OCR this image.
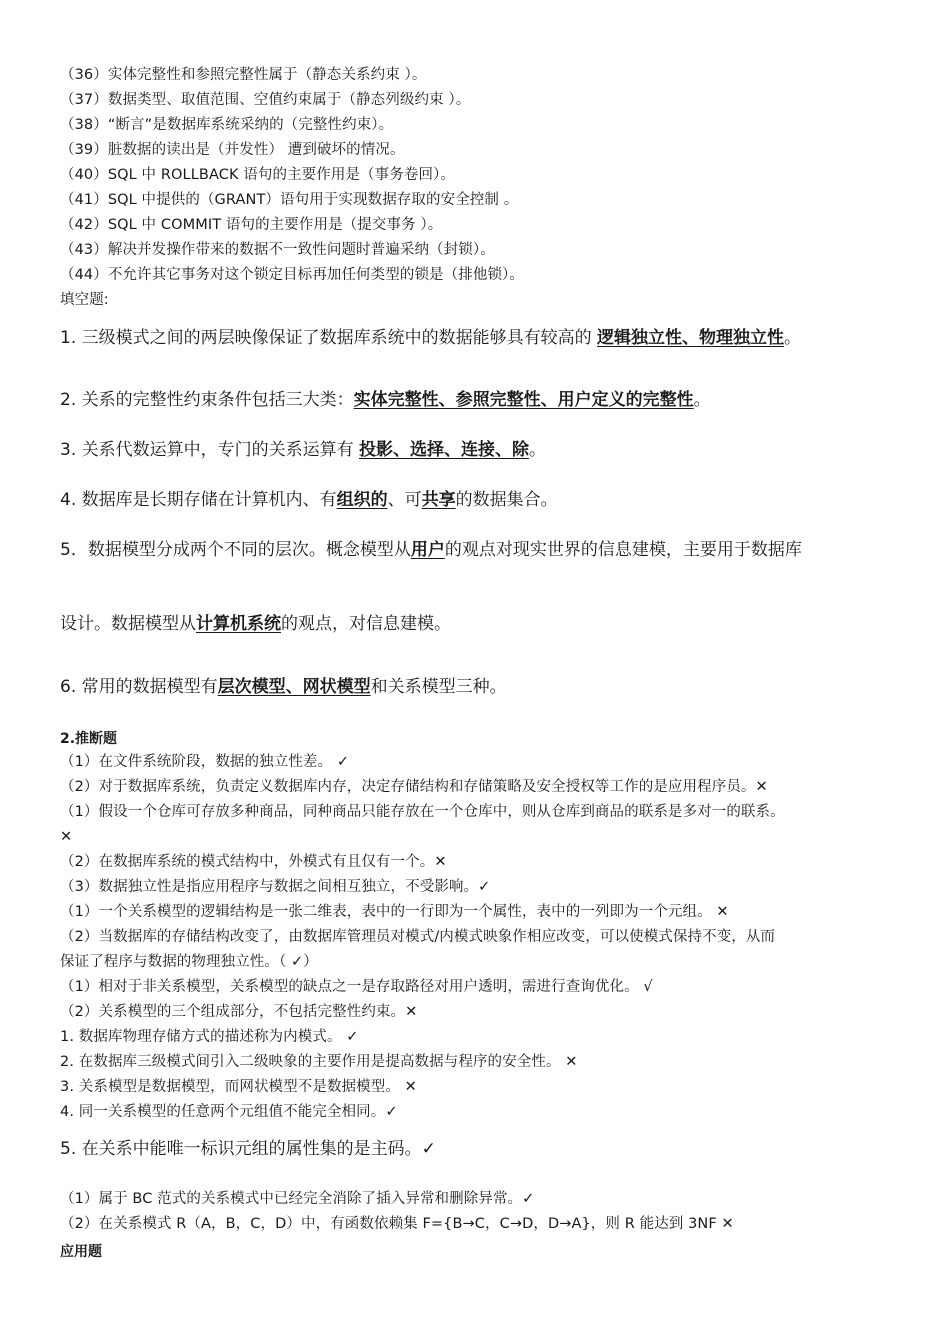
（36）实体完整性和参照完整性属于（静态关系约束 ）。
（37）数据类型、取值范围、空值约束属于（静态列级约束 ）。
（38）“断言”是数据库系统采纳的（完整性约束）。
（39）脏数据的读出是（并发性） 遭到破坏的情况。
（40）SQL 中 ROLLBACK 语句的主要作用是（事务卷回）。
（41）SQL 中提供的（GRANT）语句用于实现数据存取的安全控制 。
（42）SQL 中 COMMIT 语句的主要作用是（提交事务 ）。
（43）解决并发操作带来的数据不一致性问题时普遍采纳（封锁）。
（44）不允许其它事务对这个锁定目标再加任何类型的锁是（排他锁）。
填空题:
1. 三级模式之间的两层映像保证了数据库系统中的数据能够具有较高的 逻辑独立性、物理独立性。
2. 关系的完整性约束条件包括三大类：实体完整性、参照完整性、用户定义的完整性。
3. 关系代数运算中，专门的关系运算有 投影、选择、连接、除。
4. 数据库是长期存储在计算机内、有组织的、可共享的数据集合。
5．数据模型分成两个不同的层次。概念模型从用户的观点对现实世界的信息建模，主要用于数据库
设计。数据模型从计算机系统的观点，对信息建模。
6. 常用的数据模型有层次模型、网状模型和关系模型三种。
2.推断题
（1）在文件系统阶段，数据的独立性差。 ✓
（2）对于数据库系统，负责定义数据库内存，决定存储结构和存储策略及安全授权等工作的是应用程序员。✕
（1）假设一个仓库可存放多种商品，同种商品只能存放在一个仓库中，则从仓库到商品的联系是多对一的联系。
✕
（2）在数据库系统的模式结构中，外模式有且仅有一个。✕
（3）数据独立性是指应用程序与数据之间相互独立，不受影响。✓
（1）一个关系模型的逻辑结构是一张二维表，表中的一行即为一个属性，表中的一列即为一个元组。 ✕
（2）当数据库的存储结构改变了，由数据库管理员对模式/内模式映象作相应改变，可以使模式保持不变，从而
保证了程序与数据的物理独立性。（ ✓）
（1）相对于非关系模型，关系模型的缺点之一是存取路径对用户透明，需进行查询优化。 √
（2）关系模型的三个组成部分，不包括完整性约束。✕
1. 数据库物理存储方式的描述称为内模式。 ✓
2. 在数据库三级模式间引入二级映象的主要作用是提高数据与程序的安全性。 ✕
3. 关系模型是数据模型，而网状模型不是数据模型。 ✕
4. 同一关系模型的任意两个元组值不能完全相同。✓
5. 在关系中能唯一标识元组的属性集的是主码。✓
（1）属于 BC 范式的关系模式中已经完全消除了插入异常和删除异常。✓
（2）在关系模式 R（A，B，C，D）中，有函数依赖集 F={B→C，C→D，D→A}，则 R 能达到 3NF ✕
应用题
